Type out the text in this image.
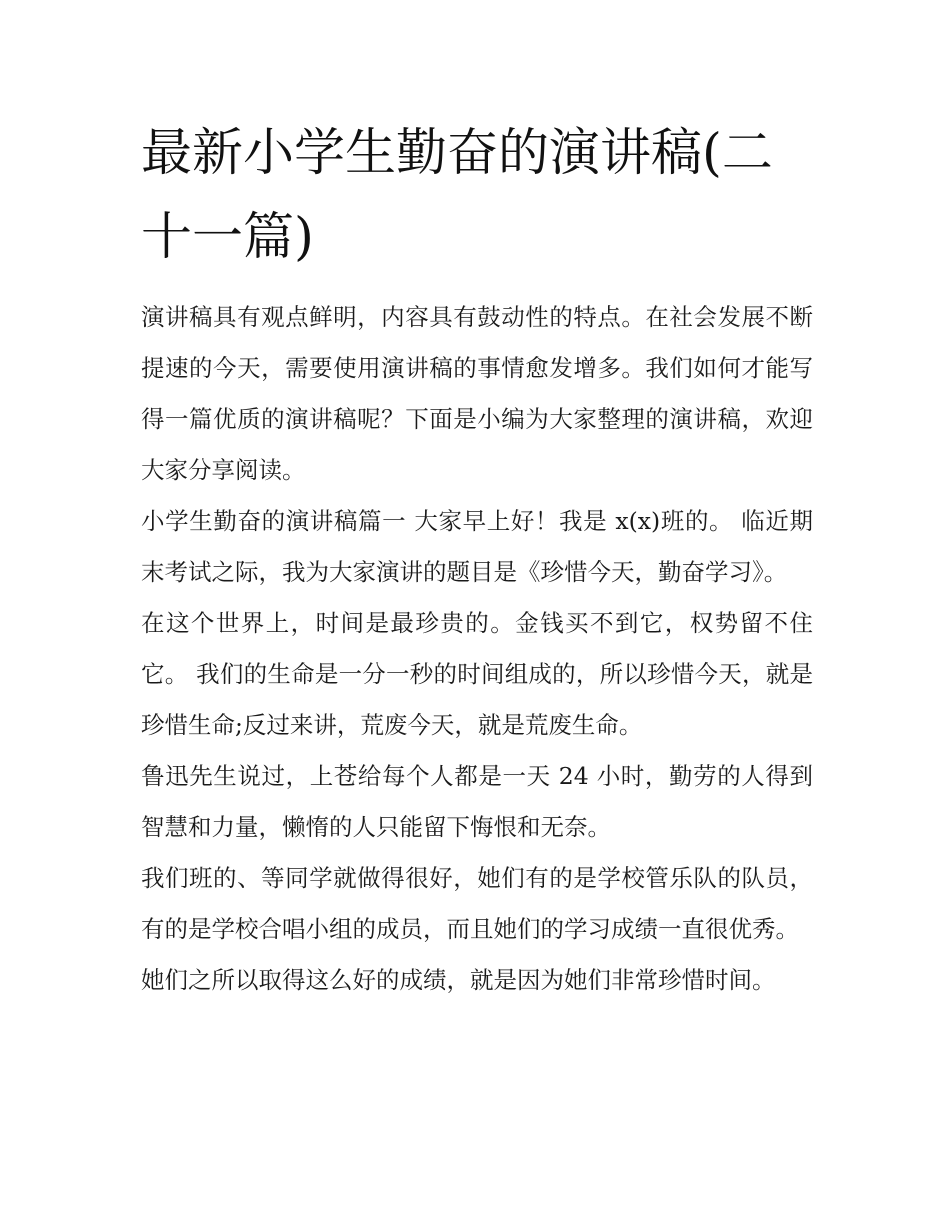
最新小学生勤奋的演讲稿(二十一篇)

演讲稿具有观点鲜明，内容具有鼓动性的特点。在社会发展不断提速的今天，需要使用演讲稿的事情愈发增多。我们如何才能写得一篇优质的演讲稿呢？下面是小编为大家整理的演讲稿，欢迎大家分享阅读。

小学生勤奋的演讲稿篇一 大家早上好！我是 x(x)班的。 临近期末考试之际，我为大家演讲的题目是《珍惜今天，勤奋学习》。

在这个世界上，时间是最珍贵的。金钱买不到它，权势留不住它。 我们的生命是一分一秒的时间组成的，所以珍惜今天，就是珍惜生命;反过来讲，荒废今天，就是荒废生命。

鲁迅先生说过，上苍给每个人都是一天 24 小时，勤劳的人得到智慧和力量，懒惰的人只能留下悔恨和无奈。

我们班的、等同学就做得很好，她们有的是学校管乐队的队员，有的是学校合唱小组的成员，而且她们的学习成绩一直很优秀。

她们之所以取得这么好的成绩，就是因为她们非常珍惜时间。
